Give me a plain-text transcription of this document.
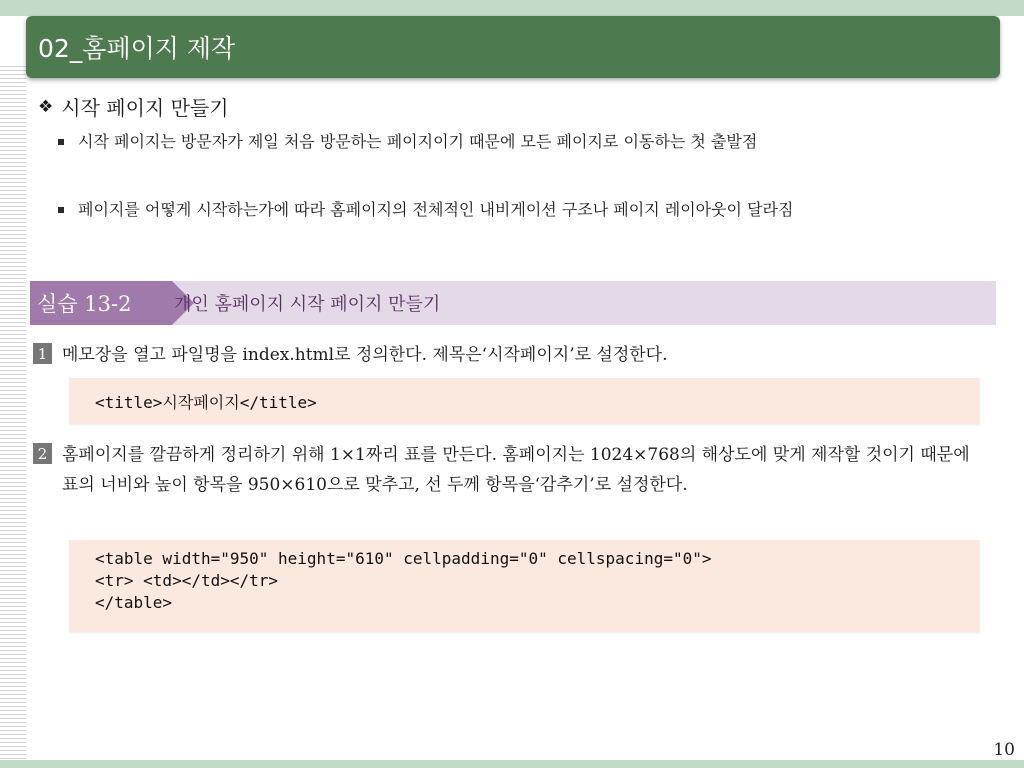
02_홈페이지 제작
❖ 시작 페이지 만들기
시작 페이지는 방문자가 제일 처음 방문하는 페이지이기 때문에 모든 페이지로 이동하는 첫 출발점
페이지를 어떻게 시작하는가에 따라 홈페이지의 전체적인 내비게이션 구조나 페이지 레이아웃이 달라짐
실습 13-2	개인 홈페이지 시작 페이지 만들기
1 메모장을 열고 파일명을 index.html로 정의한다. 제목은‘시작페이지’로 설정한다.
<title>시작페이지</title>
2 홈페이지를 깔끔하게 정리하기 위해 1×1짜리 표를 만든다. 홈페이지는 1024×768의 해상도에 맞게 제작할 것이기 때문에 표의 너비와 높이 항목을 950×610으로 맞추고, 선 두께 항목을‘감추기’로 설정한다.
<table width="950" height="610" cellpadding="0" cellspacing="0">
<tr> <td></td></tr>
</table>
10
